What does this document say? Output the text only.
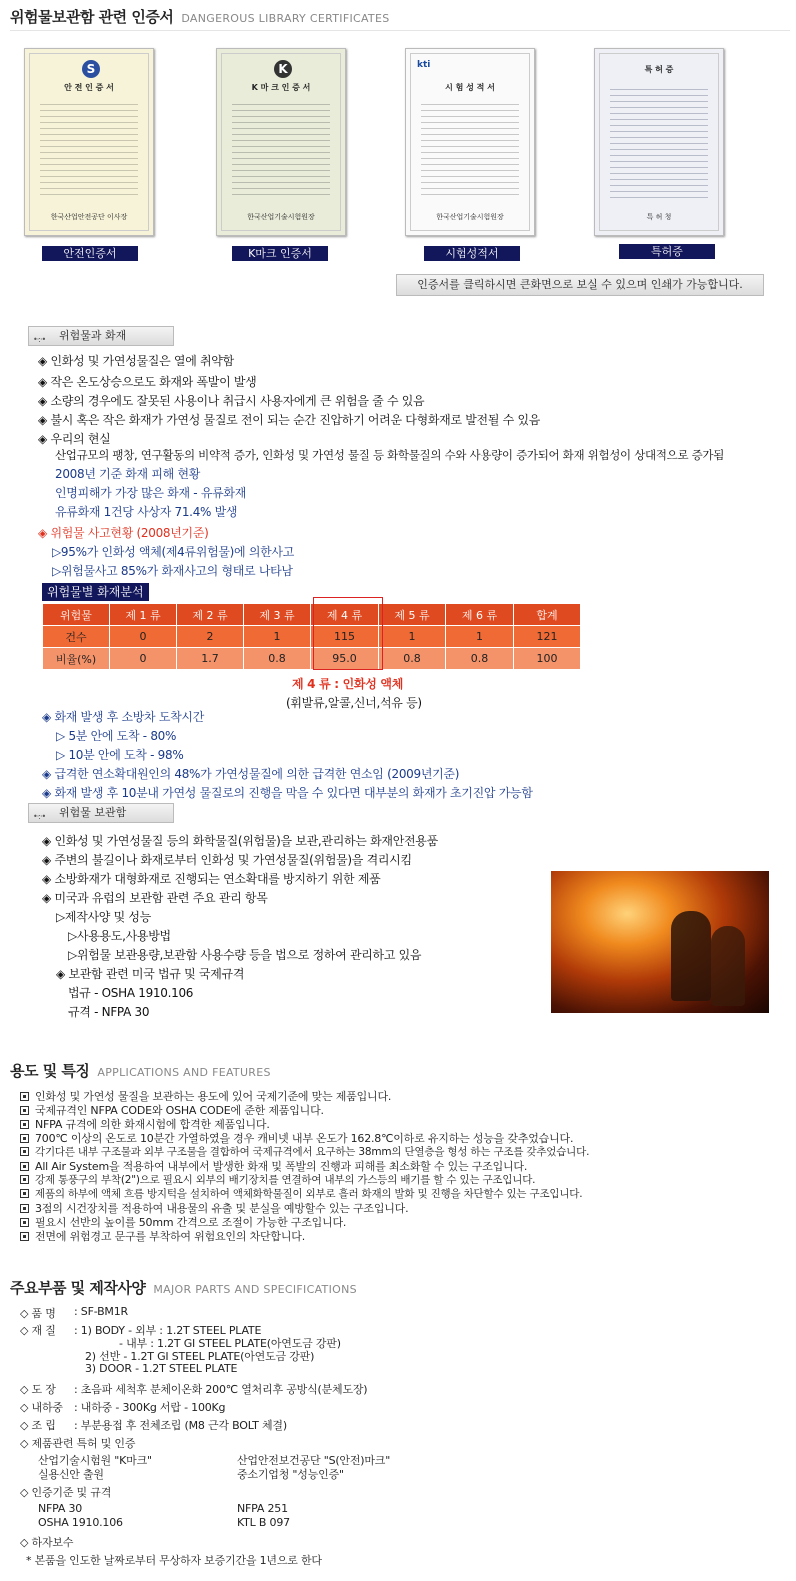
위험물보관함 관련 인증서 DANGEROUS LIBRARY CERTIFICATES
S
안 전 인 증 서
한국산업안전공단 이사장
K
K 마 크 인 증 서
한국산업기술시험원장
kti
시 험 성 적 서
한국산업기술시험원장
특 허 증
특 허 청
안전인증서	K마크 인증서	시험성적서	특허증
인증서를 클릭하시면 큰화면으로 보실 수 있으며 인쇄가 가능합니다.
•·:·• 위험물과 화재
◈ 인화성 및 가연성물질은 열에 취약함
◈ 작은 온도상승으로도 화재와 폭발이 발생
◈ 소량의 경우에도 잘못된 사용이나 취급시 사용자에게 큰 위험을 줄 수 있음
◈ 불시 혹은 작은 화재가 가연성 물질로 전이 되는 순간 진압하기 어려운 다형화재로 발전될 수 있음
◈ 우리의 현실
산업규모의 팽창, 연구활동의 비약적 증가, 인화성 및 가연성 물질 등 화학물질의 수와 사용량이 증가되어 화재 위험성이 상대적으로 증가됨
2008년 기준 화재 피해 현황
인명피해가 가장 많은 화재 - 유류화재
유류화재 1건당 사상자 71.4% 발생
◈ 위험물 사고현황 (2008년기준)
▷95%가 인화성 액체(제4류위험물)에 의한사고
▷위험물사고 85%가 화재사고의 형태로 나타남
위험물별 화재분석
위험물	제 1 류	제 2 류	제 3 류	제 4 류	제 5 류	제 6 류	합계
건수	0	2	1	115	1	1	121
비율(%)	0	1.7	0.8	95.0	0.8	0.8	100
제 4 류 : 인화성 액체
(휘발류,알콜,신너,석유 등)
◈ 화재 발생 후 소방차 도착시간
▷ 5분 안에 도착 - 80%
▷ 10분 안에 도착 - 98%
◈ 급격한 연소확대원인의 48%가 가연성물질에 의한 급격한 연소임 (2009년기준)
◈ 화재 발생 후 10분내 가연성 물질로의 진행을 막을 수 있다면 대부분의 화재가 초기진압 가능함
•·:·• 위험물 보관함
◈ 인화성 및 가연성물질 등의 화학물질(위험물)을 보관,관리하는 화재안전용품
◈ 주변의 불길이나 화재로부터 인화성 및 가연성물질(위험물)을 격리시킴
◈ 소방화재가 대형화재로 진행되는 연소확대를 방지하기 위한 제품
◈ 미국과 유럽의 보관함 관련 주요 관리 항목
▷제작사양 및 성능
▷사용용도,사용방법
▷위험물 보관용량,보관함 사용수량 등을 법으로 정하여 관리하고 있음
◈ 보관함 관련 미국 법규 및 국제규격
법규 - OSHA 1910.106
규격 - NFPA 30
용도 및 특징 APPLICATIONS AND FEATURES
인화성 및 가연성 물질을 보관하는 용도에 있어 국제기준에 맞는 제품입니다.
국제규격인 NFPA CODE와 OSHA CODE에 준한 제품입니다.
NFPA 규격에 의한 화재시험에 합격한 제품입니다.
700℃ 이상의 온도로 10분간 가열하였을 경우 캐비넷 내부 온도가 162.8℃이하로 유지하는 성능을 갖추었습니다.
각기다른 내부 구조물과 외부 구조물을 결합하여 국제규격에서 요구하는 38mm의 단열층을 형성 하는 구조를 갖추었습니다.
All Air System을 적용하여 내부에서 발생한 화재 및 폭발의 진행과 피해를 최소화할 수 있는 구조입니다.
강제 통풍구의 부착(2")으로 필요시 외부의 배기장치를 연결하여 내부의 가스등의 배기를 할 수 있는 구조입니다.
제품의 하부에 액체 흐름 방지턱을 설치하여 액체화학물질이 외부로 흘러 화재의 발화 및 진행을 차단할수 있는 구조입니다.
3점의 시건장치를 적용하여 내용물의 유출 및 분실을 예방할수 있는 구조입니다.
필요시 선반의 높이를 50mm 간격으로 조절이 가능한 구조입니다.
전면에 위험경고 문구를 부착하여 위험요인의 차단합니다.
주요부품 및 제작사양 MAJOR PARTS AND SPECIFICATIONS
◇ 품 명 : SF-BM1R
◇ 재 질 : 1) BODY - 외부 : 1.2T STEEL PLATE
- 내부 : 1.2T GI STEEL PLATE(아연도금 강판)
2) 선반 - 1.2T GI STEEL PLATE(아연도금 강판)
3) DOOR - 1.2T STEEL PLATE
◇ 도 장 : 초음파 세척후 분체이온화 200℃ 열처리후 공방식(분체도장)
◇ 내하중 : 내하중 - 300Kg 서랍 - 100Kg
◇ 조 립 : 부분용접 후 전체조립 (M8 근각 BOLT 체결)
◇ 제품관련 특허 및 인증
산업기술시험원 "K마크"	산업안전보건공단 "S(안전)마크"
실용신안 출원	중소기업청 "성능인증"
◇ 인증기준 및 규격
NFPA 30	NFPA 251
OSHA 1910.106	KTL B 097
◇ 하자보수
* 본품을 인도한 날짜로부터 무상하자 보증기간을 1년으로 한다
